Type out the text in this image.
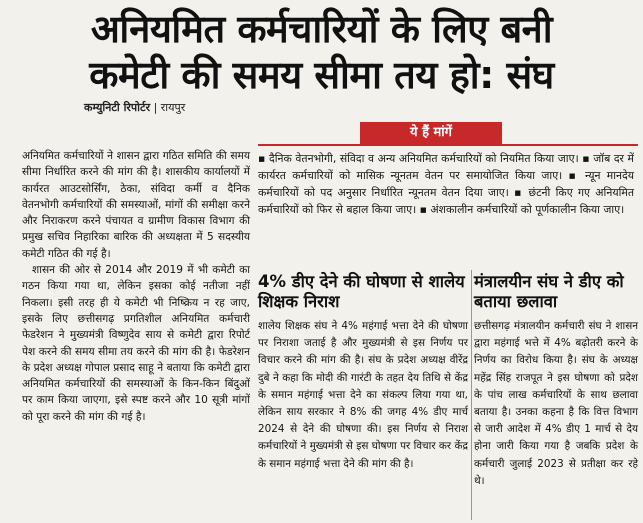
अनियमित कर्मचारियों के लिए बनी
कमेटी की समय सीमा तय हो: संघ
कम्युनिटी रिपोर्टर | रायपुर

अनियमित कर्मचारियों ने शासन द्वारा गठित समिति की समय सीमा निर्धारित करने की मांग की है। शासकीय कार्यालयों में कार्यरत आउटसोर्सिंग, ठेका, संविदा कर्मी व दैनिक वेतनभोगी कर्मचारियों की समस्याओं, मांगों की समीक्षा करने और निराकरण करने पंचायत व ग्रामीण विकास विभाग की प्रमुख सचिव निहारिका बारिक की अध्यक्षता में 5 सदस्यीय कमेटी गठित की गई है।

शासन की ओर से 2014 और 2019 में भी कमेटी का गठन किया गया था, लेकिन इसका कोई नतीजा नहीं निकला। इसी तरह ही ये कमेटी भी निष्क्रिय न रह जाए, इसके लिए छत्तीसगढ़ प्रगतिशील अनियमित कर्मचारी फेडरेशन ने मुख्यमंत्री विष्णुदेव साय से कमेटी द्वारा रिपोर्ट पेश करने की समय सीमा तय करने की मांग की है। फेडरेशन के प्रदेश अध्यक्ष गोपाल प्रसाद साहू ने बताया कि कमेटी द्वारा अनियमित कर्मचारियों की समस्याओं के किन-किन बिंदुओं पर काम किया जाएगा, इसे स्पष्ट करने और 10 सूत्री मांगों को पूरा करने की मांग की गई है।

ये हैं मांगें
▪ दैनिक वेतनभोगी, संविदा व अन्य अनियमित कर्मचारियों को नियमित किया जाए। ▪ जॉब दर में कार्यरत कर्मचारियों को मासिक न्यूनतम वेतन पर समायोजित किया जाए। ▪ न्यून मानदेय कर्मचारियों को पद अनुसार निर्धारित न्यूनतम वेतन दिया जाए। ▪ छंटनी किए गए अनियमित कर्मचारियों को फिर से बहाल किया जाए। ▪ अंशकालीन कर्मचारियों को पूर्णकालीन किया जाए।
4% डीए देने की घोषणा से शालेय शिक्षक निराश
शालेय शिक्षक संघ ने 4% महंगाई भत्ता देने की घोषणा पर निराशा जताई है और मुख्यमंत्री से इस निर्णय पर विचार करने की मांग की है। संघ के प्रदेश अध्यक्ष वीरेंद्र दुबे ने कहा कि मोदी की गारंटी के तहत देय तिथि से केंद्र के समान महंगाई भत्ता देने का संकल्प लिया गया था, लेकिन साय सरकार ने 8% की जगह 4% डीए मार्च 2024 से देने की घोषणा की। इस निर्णय से निराश कर्मचारियों ने मुख्यमंत्री से इस घोषणा पर विचार कर केंद्र के समान महंगाई भत्ता देने की मांग की है।
मंत्रालयीन संघ ने डीए को बताया छलावा
छत्तीसगढ़ मंत्रालयीन कर्मचारी संघ ने शासन द्वारा महंगाई भत्ते में 4% बढ़ोतरी करने के निर्णय का विरोध किया है। संघ के अध्यक्ष महेंद्र सिंह राजपूत ने इस घोषणा को प्रदेश के पांच लाख कर्मचारियों के साथ छलावा बताया है। उनका कहना है कि वित्त विभाग से जारी आदेश में 4% डीए 1 मार्च से देय होना जारी किया गया है जबकि प्रदेश के कर्मचारी जुलाई 2023 से प्रतीक्षा कर रहे थे।
